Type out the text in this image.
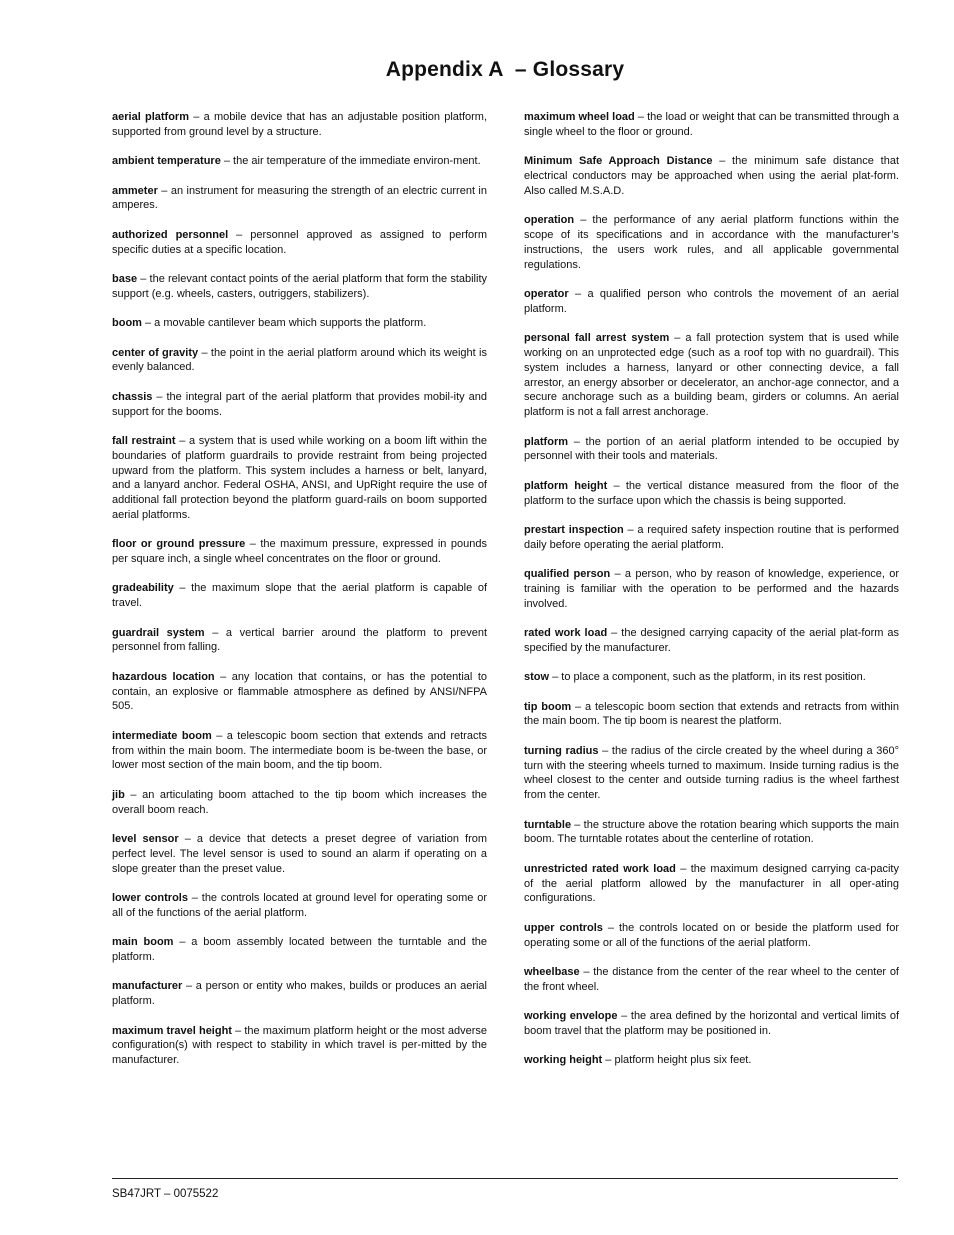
Appendix A  – Glossary

aerial platform – a mobile device that has an adjustable position platform, supported from ground level by a structure.

ambient temperature – the air temperature of the immediate environ-ment.

ammeter – an instrument for measuring the strength of an electric current in amperes.

authorized personnel – personnel approved as assigned to perform specific duties at a specific location.

base – the relevant contact points of the aerial platform that form the stability support (e.g. wheels, casters, outriggers, stabilizers).

boom – a movable cantilever beam which supports the platform.

center of gravity – the point in the aerial platform around which its weight is evenly balanced.

chassis – the integral part of the aerial platform that provides mobil-ity and support for the booms.

fall restraint – a system that is used while working on a boom lift within the boundaries of platform guardrails to provide restraint from being projected upward from the platform. This system includes a harness or belt, lanyard, and a lanyard anchor. Federal OSHA, ANSI, and UpRight require the use of additional fall protection beyond the platform guard-rails on boom supported aerial platforms.

floor or ground pressure – the maximum pressure, expressed in pounds per square inch, a single wheel concentrates on the floor or ground.

gradeability – the maximum slope that the aerial platform is capable of travel.

guardrail system – a vertical barrier around the platform to prevent personnel from falling.

hazardous location – any location that contains, or has the potential to contain, an explosive or flammable atmosphere as defined by ANSI/NFPA 505.

intermediate boom – a telescopic boom section that extends and retracts from within the main boom. The intermediate boom is be-tween the base, or lower most section of the main boom, and the tip boom.

jib – an articulating boom attached to the tip boom which increases the overall boom reach.

level sensor – a device that detects a preset degree of variation from perfect level. The level sensor is used to sound an alarm if operating on a slope greater than the preset value.

lower controls – the controls located at ground level for operating some or all of the functions of the aerial platform.

main boom – a boom assembly located between the turntable and the platform.

manufacturer – a person or entity who makes, builds or produces an aerial platform.

maximum travel height – the maximum platform height or the most adverse configuration(s) with respect to stability in which travel is per-mitted by the manufacturer.

maximum wheel load – the load or weight that can be transmitted through a single wheel to the floor or ground.

Minimum Safe Approach Distance – the minimum safe distance that electrical conductors may be approached when using the aerial plat-form. Also called M.S.A.D.

operation – the performance of any aerial platform functions within the scope of its specifications and in accordance with the manufacturer’s instructions, the users work rules, and all applicable governmental regulations.

operator – a qualified person who controls the movement of an aerial platform.

personal fall arrest system – a fall protection system that is used while working on an unprotected edge (such as a roof top with no guardrail). This system includes a harness, lanyard or other connecting device, a fall arrestor, an energy absorber or decelerator, an anchor-age connector, and a secure anchorage such as a building beam, girders or columns. An aerial platform is not a fall arrest anchorage.

platform – the portion of an aerial platform intended to be occupied by personnel with their tools and materials.

platform height – the vertical distance measured from the floor of the platform to the surface upon which the chassis is being supported.

prestart inspection – a required safety inspection routine that is performed daily before operating the aerial platform.

qualified person – a person, who by reason of knowledge, experience, or training is familiar with the operation to be performed and the hazards involved.

rated work load – the designed carrying capacity of the aerial plat-form as specified by the manufacturer.

stow – to place a component, such as the platform, in its rest position.

tip boom – a telescopic boom section that extends and retracts from within the main boom. The tip boom is nearest the platform.

turning radius – the radius of the circle created by the wheel during a 360° turn with the steering wheels turned to maximum. Inside turning radius is the wheel closest to the center and outside turning radius is the wheel farthest from the center.

turntable – the structure above the rotation bearing which supports the main boom. The turntable rotates about the centerline of rotation.

unrestricted rated work load – the maximum designed carrying ca-pacity of the aerial platform allowed by the manufacturer in all oper-ating configurations.

upper controls – the controls located on or beside the platform used for operating some or all of the functions of the aerial platform.

wheelbase – the distance from the center of the rear wheel to the center of the front wheel.

working envelope – the area defined by the horizontal and vertical limits of boom travel that the platform may be positioned in.

working height – platform height plus six feet.

SB47JRT – 0075522
